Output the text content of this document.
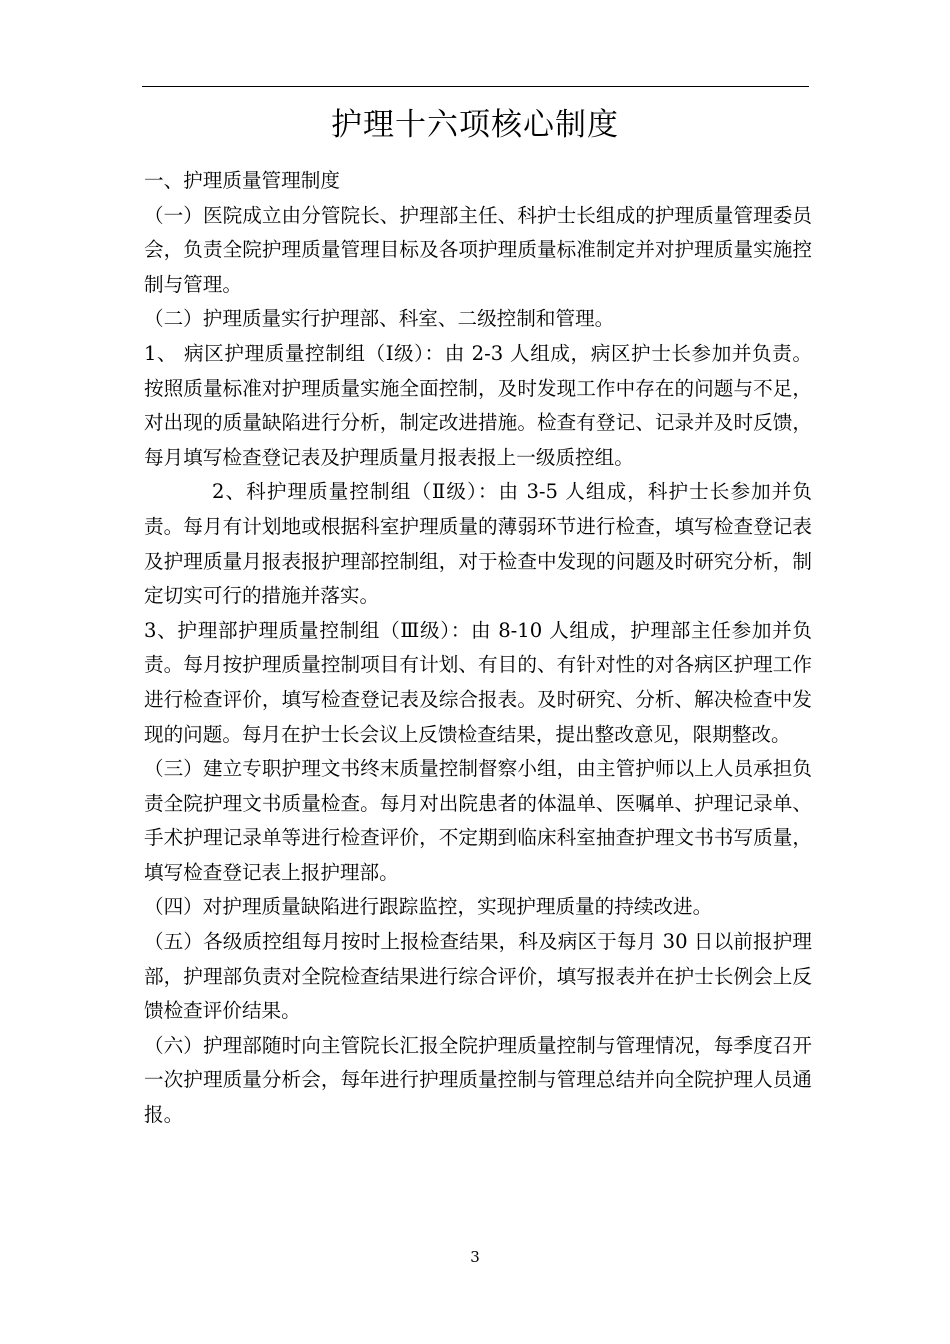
护理十六项核心制度

一、护理质量管理制度

（一）医院成立由分管院长、护理部主任、科护士长组成的护理质量管理委员会，负责全院护理质量管理目标及各项护理质量标准制定并对护理质量实施控制与管理。

（二）护理质量实行护理部、科室、二级控制和管理。

1、 病区护理质量控制组（Ⅰ级）：由 2-3 人组成，病区护士长参加并负责。按照质量标准对护理质量实施全面控制，及时发现工作中存在的问题与不足，对出现的质量缺陷进行分析，制定改进措施。检查有登记、记录并及时反馈，每月填写检查登记表及护理质量月报表报上一级质控组。

2、科护理质量控制组（Ⅱ级）：由 3-5 人组成，科护士长参加并负责。每月有计划地或根据科室护理质量的薄弱环节进行检查，填写检查登记表及护理质量月报表报护理部控制组，对于检查中发现的问题及时研究分析，制定切实可行的措施并落实。

3、护理部护理质量控制组（Ⅲ级）：由 8-10 人组成，护理部主任参加并负责。每月按护理质量控制项目有计划、有目的、有针对性的对各病区护理工作进行检查评价，填写检查登记表及综合报表。及时研究、分析、解决检查中发现的问题。每月在护士长会议上反馈检查结果，提出整改意见，限期整改。

（三）建立专职护理文书终末质量控制督察小组，由主管护师以上人员承担负责全院护理文书质量检查。每月对出院患者的体温单、医嘱单、护理记录单、手术护理记录单等进行检查评价，不定期到临床科室抽查护理文书书写质量，填写检查登记表上报护理部。

（四）对护理质量缺陷进行跟踪监控，实现护理质量的持续改进。

（五）各级质控组每月按时上报检查结果，科及病区于每月 30 日以前报护理部，护理部负责对全院检查结果进行综合评价，填写报表并在护士长例会上反馈检查评价结果。

（六）护理部随时向主管院长汇报全院护理质量控制与管理情况，每季度召开一次护理质量分析会，每年进行护理质量控制与管理总结并向全院护理人员通报。

3
